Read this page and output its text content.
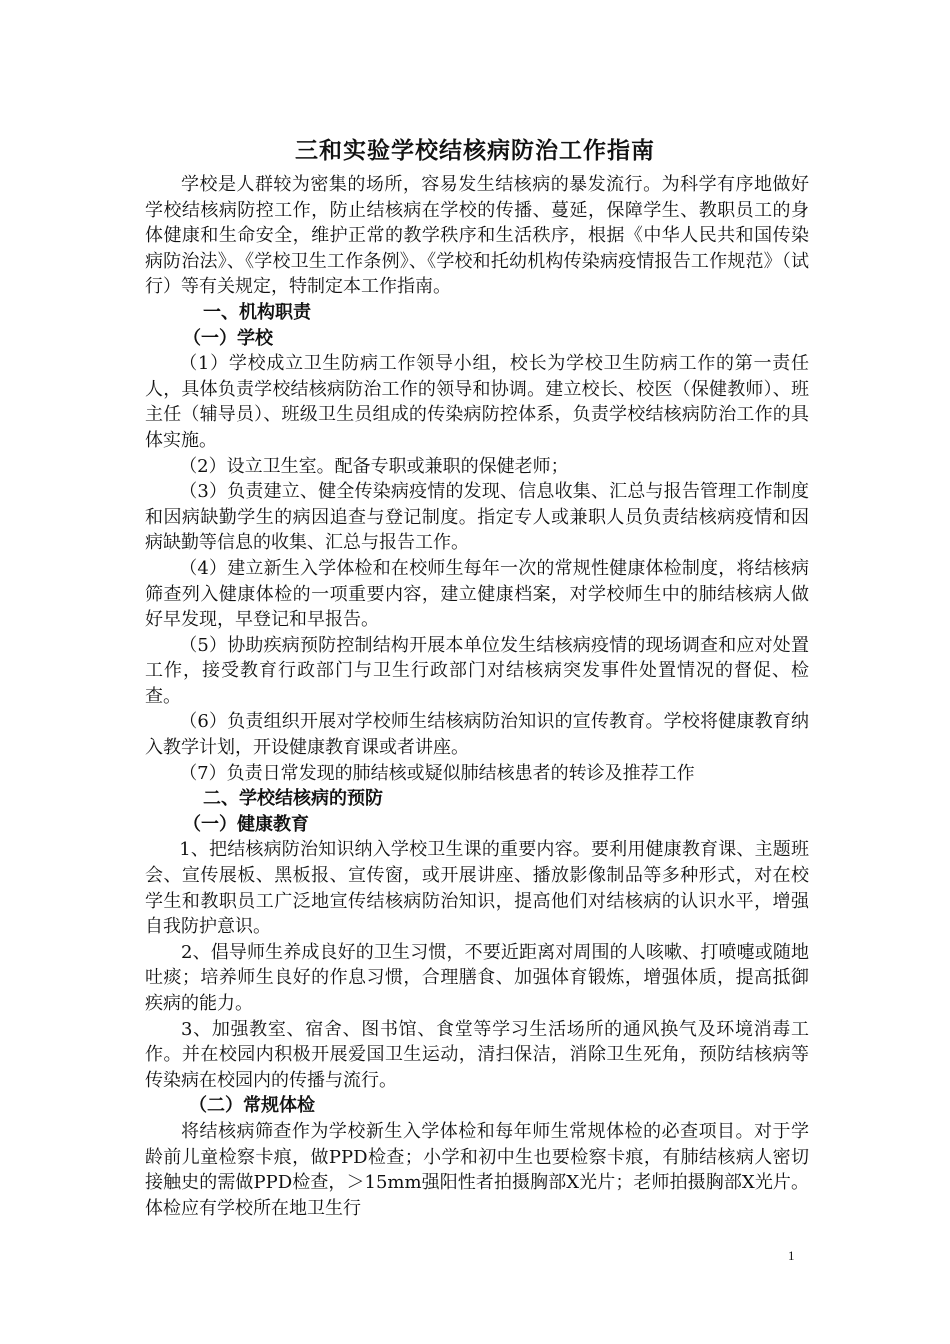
三和实验学校结核病防治工作指南

学校是人群较为密集的场所，容易发生结核病的暴发流行。为科学有序地做好学校结核病防控工作，防止结核病在学校的传播、蔓延，保障学生、教职员工的身体健康和生命安全，维护正常的教学秩序和生活秩序，根据《中华人民共和国传染病防治法》、《学校卫生工作条例》、《学校和托幼机构传染病疫情报告工作规范》（试行）等有关规定，特制定本工作指南。

一、机构职责

（一）学校

（1）学校成立卫生防病工作领导小组，校长为学校卫生防病工作的第一责任人，具体负责学校结核病防治工作的领导和协调。建立校长、校医（保健教师）、班主任（辅导员）、班级卫生员组成的传染病防控体系，负责学校结核病防治工作的具体实施。

（2）设立卫生室。配备专职或兼职的保健老师；

（3）负责建立、健全传染病疫情的发现、信息收集、汇总与报告管理工作制度和因病缺勤学生的病因追查与登记制度。指定专人或兼职人员负责结核病疫情和因病缺勤等信息的收集、汇总与报告工作。

（4）建立新生入学体检和在校师生每年一次的常规性健康体检制度，将结核病筛查列入健康体检的一项重要内容，建立健康档案，对学校师生中的肺结核病人做好早发现，早登记和早报告。

（5）协助疾病预防控制结构开展本单位发生结核病疫情的现场调查和应对处置工作，接受教育行政部门与卫生行政部门对结核病突发事件处置情况的督促、检查。

（6）负责组织开展对学校师生结核病防治知识的宣传教育。学校将健康教育纳入教学计划，开设健康教育课或者讲座。

（7）负责日常发现的肺结核或疑似肺结核患者的转诊及推荐工作

二、学校结核病的预防

（一）健康教育

1、把结核病防治知识纳入学校卫生课的重要内容。要利用健康教育课、主题班会、宣传展板、黑板报、宣传窗，或开展讲座、播放影像制品等多种形式，对在校学生和教职员工广泛地宣传结核病防治知识，提高他们对结核病的认识水平，增强自我防护意识。

2、倡导师生养成良好的卫生习惯，不要近距离对周围的人咳嗽、打喷嚏或随地吐痰；培养师生良好的作息习惯，合理膳食、加强体育锻炼，增强体质，提高抵御疾病的能力。

3、加强教室、宿舍、图书馆、食堂等学习生活场所的通风换气及环境消毒工作。并在校园内积极开展爱国卫生运动，清扫保洁，消除卫生死角，预防结核病等传染病在校园内的传播与流行。

（二）常规体检

将结核病筛查作为学校新生入学体检和每年师生常规体检的必查项目。对于学龄前儿童检察卡痕，做PPD检查；小学和初中生也要检察卡痕，有肺结核病人密切接触史的需做PPD检查，＞15mm强阳性者拍摄胸部X光片；老师拍摄胸部X光片。体检应有学校所在地卫生行

1
